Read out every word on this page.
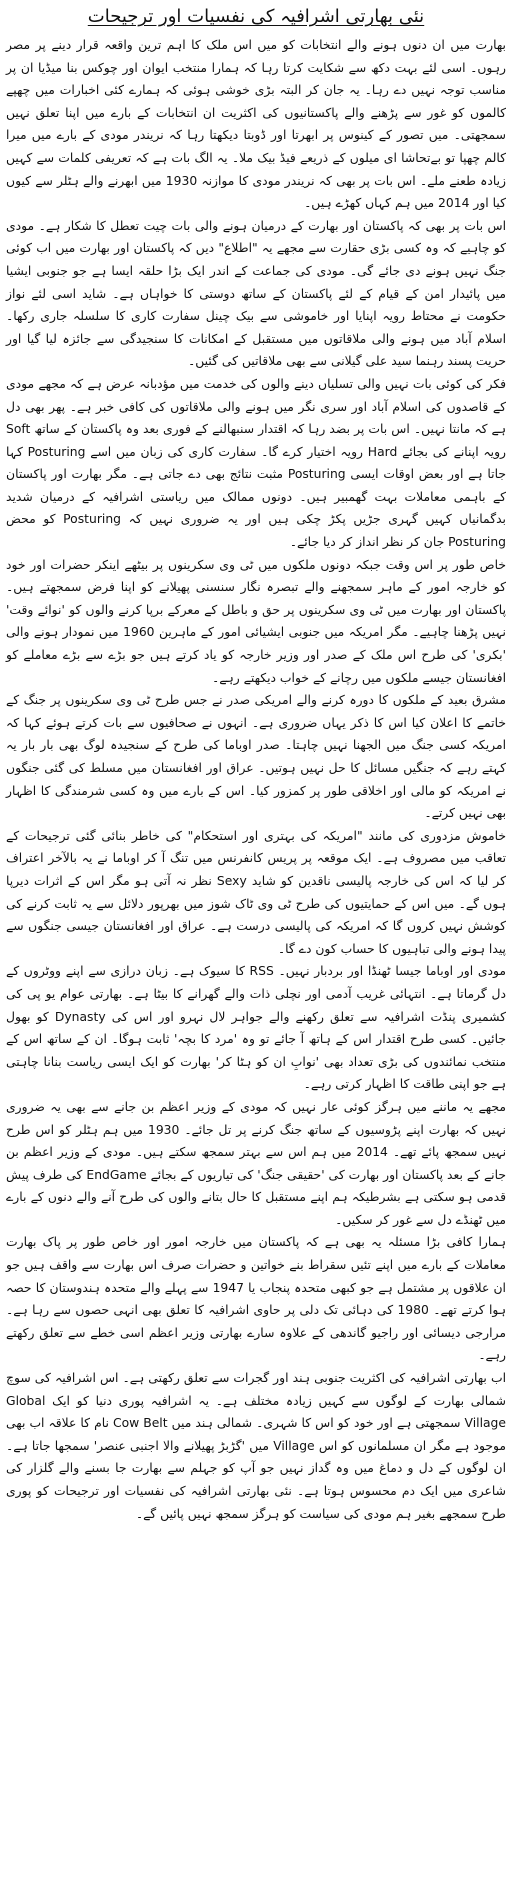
نئی بھارتی اشرافیہ کی نفسیات اور ترجیحات

بھارت میں ان دنوں ہونے والے انتخابات کو میں اس ملک کا اہم ترین واقعہ قرار دینے پر مصر رہوں۔ اسی لئے بہت دکھ سے شکایت کرتا رہا کہ ہمارا منتخب ایوان اور چوکس بنا میڈیا ان پر مناسب توجہ نہیں دے رہا۔ یہ جان کر البتہ بڑی خوشی ہوئی کہ ہمارے کئی اخبارات میں چھپے کالموں کو غور سے پڑھنے والے پاکستانیوں کی اکثریت ان انتخابات کے بارے میں اپنا تعلق نہیں سمجھتی۔ میں تصور کے کینوس پر ابھرتا اور ڈوبتا دیکھتا رہا کہ نریندر مودی کے بارے میں میرا کالم چھپا تو بےتحاشا ای میلوں کے ذریعے فیڈ بیک ملا۔ یہ الگ بات ہے کہ تعریفی کلمات سے کہیں زیادہ طعنے ملے۔ اس بات پر بھی کہ نریندر مودی کا موازنہ 1930 میں ابھرنے والے ہٹلر سے کیوں کیا اور 2014 میں ہم کہاں کھڑے ہیں۔

اس بات پر بھی کہ پاکستان اور بھارت کے درمیان ہونے والی بات چیت تعطل کا شکار ہے۔ مودی کو چاہیے کہ وہ کسی بڑی حقارت سے مجھے یہ "اطلاع" دیں کہ پاکستان اور بھارت میں اب کوئی جنگ نہیں ہونے دی جائے گی۔ مودی کی جماعت کے اندر ایک بڑا حلقہ ایسا ہے جو جنوبی ایشیا میں پائیدار امن کے قیام کے لئے پاکستان کے ساتھ دوستی کا خواہاں ہے۔ شاید اسی لئے نواز حکومت نے محتاط رویہ اپنایا اور خاموشی سے بیک چینل سفارت کاری کا سلسلہ جاری رکھا۔ اسلام آباد میں ہونے والی ملاقاتوں میں مستقبل کے امکانات کا سنجیدگی سے جائزہ لیا گیا اور حریت پسند رہنما سید علی گیلانی سے بھی ملاقاتیں کی گئیں۔

فکر کی کوئی بات نہیں والی تسلیاں دینے والوں کی خدمت میں مؤدبانہ عرض ہے کہ مجھے مودی کے قاصدوں کی اسلام آباد اور سری نگر میں ہونے والی ملاقاتوں کی کافی خبر ہے۔ پھر بھی دل ہے کہ مانتا نہیں۔ اس بات پر بضد رہا کہ اقتدار سنبھالنے کے فوری بعد وہ پاکستان کے ساتھ Soft رویہ اپنانے کی بجائے Hard رویہ اختیار کرے گا۔ سفارت کاری کی زبان میں اسے Posturing کہا جاتا ہے اور بعض اوقات ایسی Posturing مثبت نتائج بھی دے جاتی ہے۔ مگر بھارت اور پاکستان کے باہمی معاملات بہت گھمبیر ہیں۔ دونوں ممالک میں ریاستی اشرافیہ کے درمیان شدید بدگمانیاں کہیں گہری جڑیں پکڑ چکی ہیں اور یہ ضروری نہیں کہ Posturing کو محض Posturing جان کر نظر انداز کر دیا جائے۔

خاص طور پر اس وقت جبکہ دونوں ملکوں میں ٹی وی سکرینوں پر بیٹھے اینکر حضرات اور خود کو خارجہ امور کے ماہر سمجھنے والے تبصرہ نگار سنسنی پھیلانے کو اپنا فرض سمجھتے ہیں۔ پاکستان اور بھارت میں ٹی وی سکرینوں پر حق و باطل کے معرکے برپا کرنے والوں کو 'نوائے وقت' نہیں پڑھنا چاہیے۔ مگر امریکہ میں جنوبی ایشیائی امور کے ماہرین 1960 میں نمودار ہونے والی 'بکری' کی طرح اس ملک کے صدر اور وزیر خارجہ کو یاد کرتے ہیں جو بڑے سے بڑے معاملے کو افغانستان جیسے ملکوں میں رچانے کے خواب دیکھتے رہے۔

مشرق بعید کے ملکوں کا دورہ کرنے والے امریکی صدر نے جس طرح ٹی وی سکرینوں پر جنگ کے خاتمے کا اعلان کیا اس کا ذکر یہاں ضروری ہے۔ انہوں نے صحافیوں سے بات کرتے ہوئے کہا کہ امریکہ کسی جنگ میں الجھنا نہیں چاہتا۔ صدر اوباما کی طرح کے سنجیدہ لوگ بھی بار بار یہ کہتے رہے کہ جنگیں مسائل کا حل نہیں ہوتیں۔ عراق اور افغانستان میں مسلط کی گئی جنگوں نے امریکہ کو مالی اور اخلاقی طور پر کمزور کیا۔ اس کے بارے میں وہ کسی شرمندگی کا اظہار بھی نہیں کرتے۔

خاموش مزدوری کی مانند "امریکہ کی بہتری اور استحکام" کی خاطر بنائی گئی ترجیحات کے تعاقب میں مصروف ہے۔ ایک موقعہ پر پریس کانفرنس میں تنگ آ کر اوباما نے یہ بالآخر اعتراف کر لیا کہ اس کی خارجہ پالیسی ناقدین کو شاید Sexy نظر نہ آتی ہو مگر اس کے اثرات دیرپا ہوں گے۔ میں اس کے حمایتیوں کی طرح ٹی وی ٹاک شوز میں بھرپور دلائل سے یہ ثابت کرنے کی کوشش نہیں کروں گا کہ امریکہ کی پالیسی درست ہے۔ عراق اور افغانستان جیسی جنگوں سے پیدا ہونے والی تباہیوں کا حساب کون دے گا۔

مودی اور اوباما جیسا ٹھنڈا اور بردبار نہیں۔ RSS کا سیوک ہے۔ زبان درازی سے اپنے ووٹروں کے دل گرماتا ہے۔ انتہائی غریب آدمی اور نچلی ذات والے گھرانے کا بیٹا ہے۔ بھارتی عوام یو پی کی کشمیری پنڈت اشرافیہ سے تعلق رکھنے والے جواہر لال نہرو اور اس کی Dynasty کو بھول جائیں۔ کسی طرح اقتدار اس کے ہاتھ آ جائے تو وہ 'مرد کا بچہ' ثابت ہوگا۔ ان کے ساتھ اس کے منتخب نمائندوں کی بڑی تعداد بھی 'نوابِ ان کو ہٹا کر' بھارت کو ایک ایسی ریاست بنانا چاہتی ہے جو اپنی طاقت کا اظہار کرتی رہے۔

مجھے یہ ماننے میں ہرگز کوئی عار نہیں کہ مودی کے وزیر اعظم بن جانے سے بھی یہ ضروری نہیں کہ بھارت اپنے پڑوسیوں کے ساتھ جنگ کرنے پر تل جائے۔ 1930 میں ہم ہٹلر کو اس طرح نہیں سمجھ پائے تھے۔ 2014 میں ہم اس سے بہتر سمجھ سکتے ہیں۔ مودی کے وزیر اعظم بن جانے کے بعد پاکستان اور بھارت کی 'حقیقی جنگ' کی تیاریوں کے بجائے EndGame کی طرف پیش قدمی ہو سکتی ہے بشرطیکہ ہم اپنے مستقبل کا حال بتانے والوں کی طرح آنے والے دنوں کے بارے میں ٹھنڈے دل سے غور کر سکیں۔

ہمارا کافی بڑا مسئلہ یہ بھی ہے کہ پاکستان میں خارجہ امور اور خاص طور پر پاک بھارت معاملات کے بارے میں اپنے تئیں سقراط بنے خواتین و حضرات صرف اس بھارت سے واقف ہیں جو ان علاقوں پر مشتمل ہے جو کبھی متحدہ پنجاب یا 1947 سے پہلے والے متحدہ ہندوستان کا حصہ ہوا کرتے تھے۔ 1980 کی دہائی تک دلی پر حاوی اشرافیہ کا تعلق بھی انہی حصوں سے رہا ہے۔ مرارجی دیسائی اور راجیو گاندھی کے علاوہ سارے بھارتی وزیر اعظم اسی خطے سے تعلق رکھتے رہے۔

اب بھارتی اشرافیہ کی اکثریت جنوبی ہند اور گجرات سے تعلق رکھتی ہے۔ اس اشرافیہ کی سوچ شمالی بھارت کے لوگوں سے کہیں زیادہ مختلف ہے۔ یہ اشرافیہ پوری دنیا کو ایک Global Village سمجھتی ہے اور خود کو اس کا شہری۔ شمالی ہند میں Cow Belt نام کا علاقہ اب بھی موجود ہے مگر ان مسلمانوں کو اس Village میں 'گڑبڑ پھیلانے والا اجنبی عنصر' سمجھا جاتا ہے۔ ان لوگوں کے دل و دماغ میں وہ گداز نہیں جو آپ کو جہلم سے بھارت جا بسنے والے گلزار کی شاعری میں ایک دم محسوس ہوتا ہے۔ نئی بھارتی اشرافیہ کی نفسیات اور ترجیحات کو پوری طرح سمجھے بغیر ہم مودی کی سیاست کو ہرگز سمجھ نہیں پائیں گے۔
